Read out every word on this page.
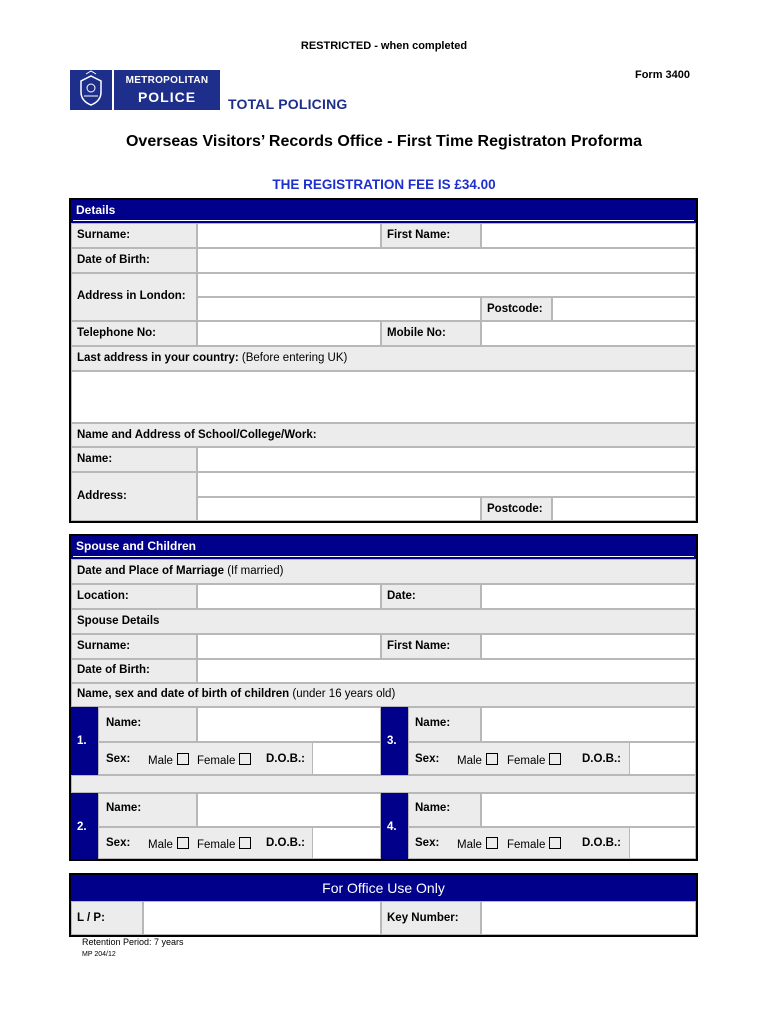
RESTRICTED - when completed
Form 3400
METROPOLITAN
POLICE	TOTAL POLICING
Overseas Visitors’ Records Office - First Time Registraton Proforma
THE REGISTRATION FEE IS £34.00
Details
Surname:	First Name:
Date of Birth:
Address in London:
Postcode:
Telephone No:	Mobile No:
Last address in your country: (Before entering UK)
Name and Address of School/College/Work:
Name:
Address:
Postcode:
Spouse and Children
Date and Place of Marriage (If married)
Location:	Date:
Spouse Details
Surname:	First Name:
Date of Birth:
Name, sex and date of birth of children (under 16 years old)
1.
Name:
Sex: Male	Female	D.O.B.:
3.
Name:
Sex: Male	Female	D.O.B.:
2.
Name:
Sex: Male	Female	D.O.B.:
4.
Name:
Sex: Male	Female	D.O.B.:
For Office Use Only
L / P:	Key Number:
Retention Period: 7 years
MP 204/12
